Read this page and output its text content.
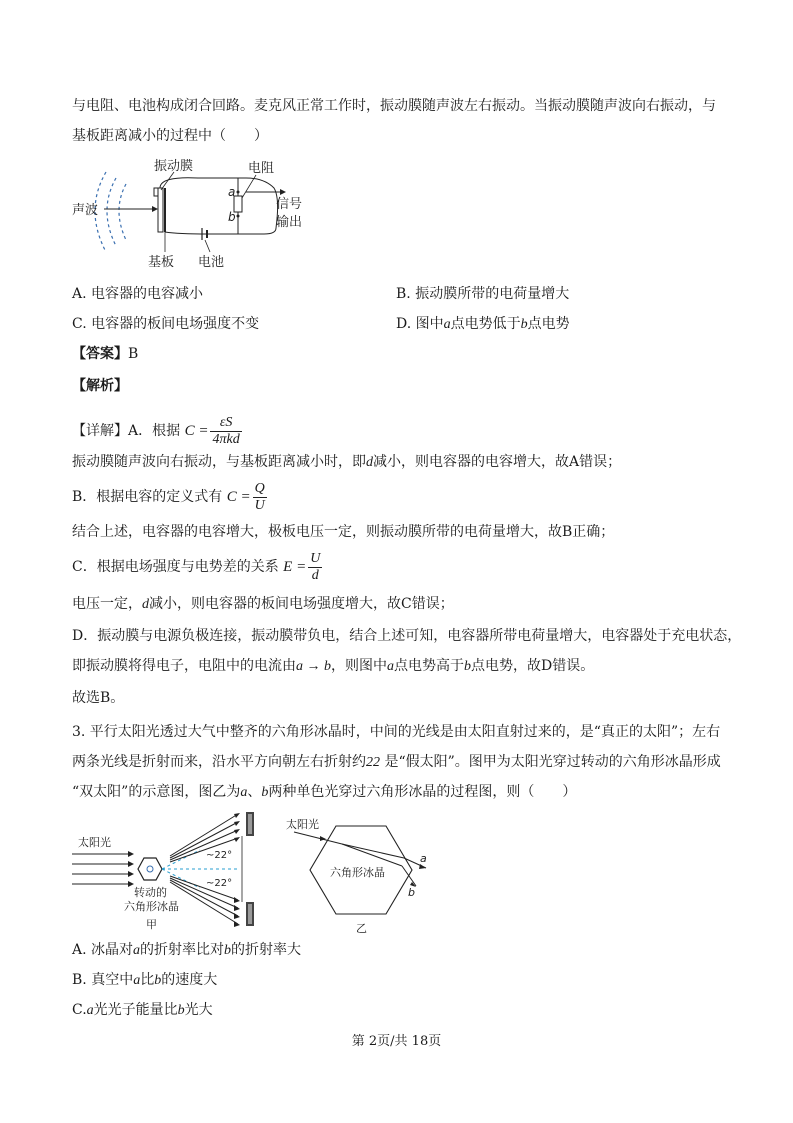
与电阻、电池构成闭合回路。麦克风正常工作时，振动膜随声波左右振动。当振动膜随声波向右振动，与
基板距离减小的过程中（　　）
声波
a
b
信号
输出
振动膜	电阻
基板 电池
A. 电容器的电容减小	B. 振动膜所带的电荷量增大
C. 电容器的板间电场强度不变	D. 图中a点电势低于b点电势
【答案】B
【解析】
【详解】A．根据 $C = \frac{\varepsilon S}{\text{4πkd}}$
振动膜随声波向右振动，与基板距离减小时，即d减小，则电容器的电容增大，故A错误；
B．根据电容的定义式有 $C = \frac{Q}{U}$
结合上述，电容器的电容增大，极板电压一定，则振动膜所带的电荷量增大，故B正确；
C．根据电场强度与电势差的关系 $E = \frac{U}{d}$
电压一定，d减小，则电容器的板间电场强度增大，故C错误；
D．振动膜与电源负极连接，振动膜带负电，结合上述可知，电容器所带电荷量增大，电容器处于充电状态，
即振动膜将得电子，电阻中的电流由a → b，则图中a点电势高于b点电势，故D错误。
故选B。
3. 平行太阳光透过大气中整齐的六角形冰晶时，中间的光线是由太阳直射过来的，是“真正的太阳”；左右
两条光线是折射而来，沿水平方向朝左右折射约22 是“假太阳”。图甲为太阳光穿过转动的六角形冰晶形成
“双太阳”的示意图，图乙为a、b两种单色光穿过六角形冰晶的过程图，则（　　）
太阳光
~22°
~22°
转动的
六角形冰晶
甲
太阳光
a
b
六角形冰晶
乙
A. 冰晶对a的折射率比对b的折射率大
B. 真空中a比b的速度大
C.a光光子能量比b光大
第 2页/共 18页
